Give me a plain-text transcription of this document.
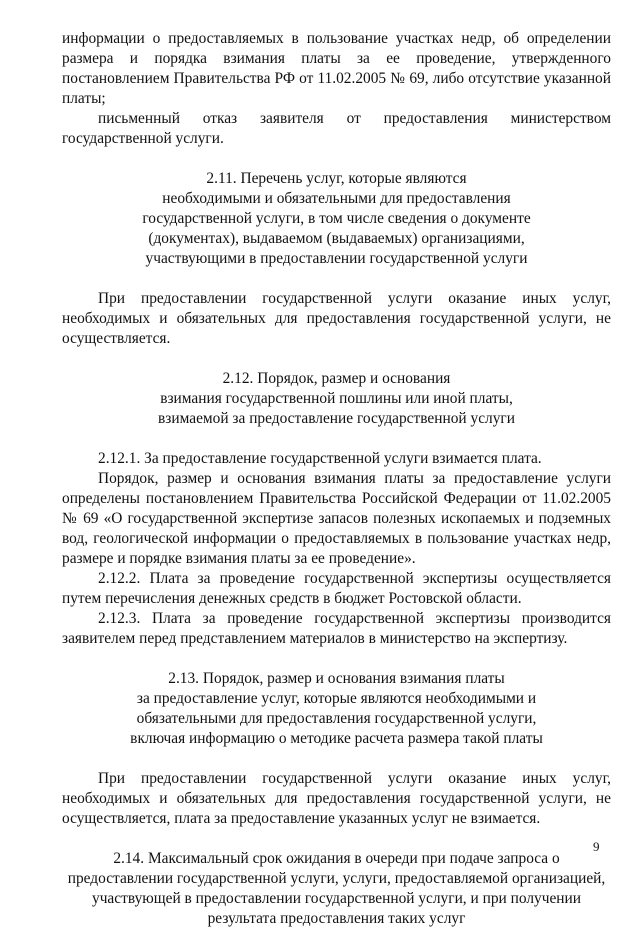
информации о предоставляемых в пользование участках недр, об определении

размера и порядка взимания платы за ее проведение, утвержденного

постановлением Правительства РФ от 11.02.2005 № 69, либо отсутствие указанной

платы;

письменный отказ заявителя от предоставления министерством

государственной услуги.

2.11. Перечень услуг, которые являются

необходимыми и обязательными для предоставления

государственной услуги, в том числе сведения о документе

(документах), выдаваемом (выдаваемых) организациями,

участвующими в предоставлении государственной услуги

При предоставлении государственной услуги оказание иных услуг,

необходимых и обязательных для предоставления государственной услуги, не

осуществляется.

2.12. Порядок, размер и основания

взимания государственной пошлины или иной платы,

взимаемой за предоставление государственной услуги

2.12.1. За предоставление государственной услуги взимается плата.

Порядок, размер и основания взимания платы за предоставление услуги

определены постановлением Правительства Российской Федерации от 11.02.2005

№ 69 «О государственной экспертизе запасов полезных ископаемых и подземных

вод, геологической информации о предоставляемых в пользование участках недр,

размере и порядке взимания платы за ее проведение».

2.12.2. Плата за проведение государственной экспертизы осуществляется

путем перечисления денежных средств в бюджет Ростовской области.

2.12.3. Плата за проведение государственной экспертизы производится

заявителем перед представлением материалов в министерство на экспертизу.

2.13. Порядок, размер и основания взимания платы

за предоставление услуг, которые являются необходимыми и

обязательными для предоставления государственной услуги,

включая информацию о методике расчета размера такой платы

При предоставлении государственной услуги оказание иных услуг,

необходимых и обязательных для предоставления государственной услуги, не

осуществляется, плата за предоставление указанных услуг не взимается.

2.14. Максимальный срок ожидания в очереди при подаче запроса о

предоставлении государственной услуги, услуги, предоставляемой организацией,

участвующей в предоставлении государственной услуги, и при получении

результата предоставления таких услуг

9
